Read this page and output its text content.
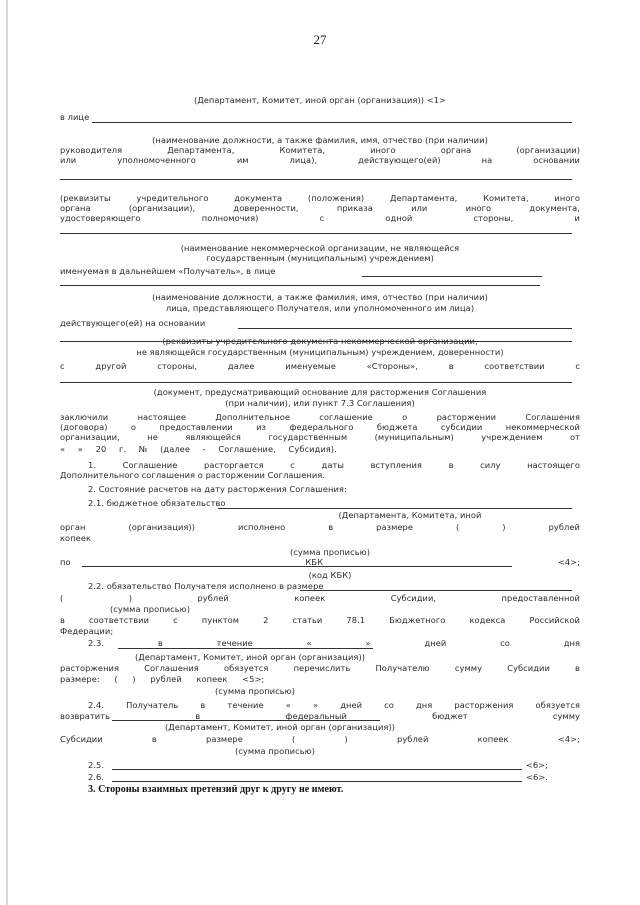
27
(Департамент, Комитет, иной орган (организация)) <1>
в лице
(наименование должности, а также фамилия, имя, отчество (при наличии)
руководителя Департамента, Комитета, иного органа (организации)
или уполномоченного им лица), действующего(ей) на основании
(реквизиты учредительного документа (положения) Департамента, Комитета, иного
органа (организации), доверенности, приказа или иного документа,
удостоверяющего полномочия) с одной стороны, и
(наименование некоммерческой организации, не являющейся
государственным (муниципальным) учреждением)
именуемая в дальнейшем «Получатель», в лице
(наименование должности, а также фамилия, имя, отчество (при наличии)
лица, представляющего Получателя, или уполномоченного им лица)
действующего(ей) на основании
(реквизиты учредительного документа некоммерческой организации,
не являющейся государственным (муниципальным) учреждением, доверенности)
с другой стороны, далее именуемые «Стороны», в соответствии с
(документ, предусматривающий основание для расторжения Соглашения
(при наличии), или пункт 7.3 Соглашения)
заключили настоящее Дополнительное соглашение о расторжении Соглашения
(договора) о предоставлении из федерального бюджета субсидии некоммерческой
организации, не являющейся государственным (муниципальным) учреждением от
« » 20 г. № (далее - Соглашение, Субсидия).
1. Соглашение расторгается с даты вступления в силу настоящего
Дополнительного соглашения о расторжении Соглашения.
2. Состояние расчетов на дату расторжения Соглашения:
2.1. бюджетное обязательство
(Департамента, Комитета, иной
орган (организация)) исполнено в размере ( ) рублей
копеек
(сумма прописью)
по КБК <4>;
(код КБК)
2.2. обязательство Получателя исполнено в размере
( ) рублей копеек Субсидии, предоставленной
(сумма прописью)
в соответствии с пунктом 2 статьи 78.1 Бюджетного кодекса Российской
Федерации;
2.3. в течение « » дней со дня
(Департамент, Комитет, иной орган (организация))
расторжения Соглашения обязуется перечислить Получателю сумму Субсидии в
размере: ( ) рублей копеек <5>;
(сумма прописью)
2.4. Получатель в течение « » дней со дня расторжения обязуется
возвратить в федеральный бюджет сумму
(Департамент, Комитет, иной орган (организация))
Субсидии в размере ( ) рублей копеек <4>;
(сумма прописью)
2.5. <6>;
2.6. <6>.
3. Стороны взаимных претензий друг к другу не имеют.
